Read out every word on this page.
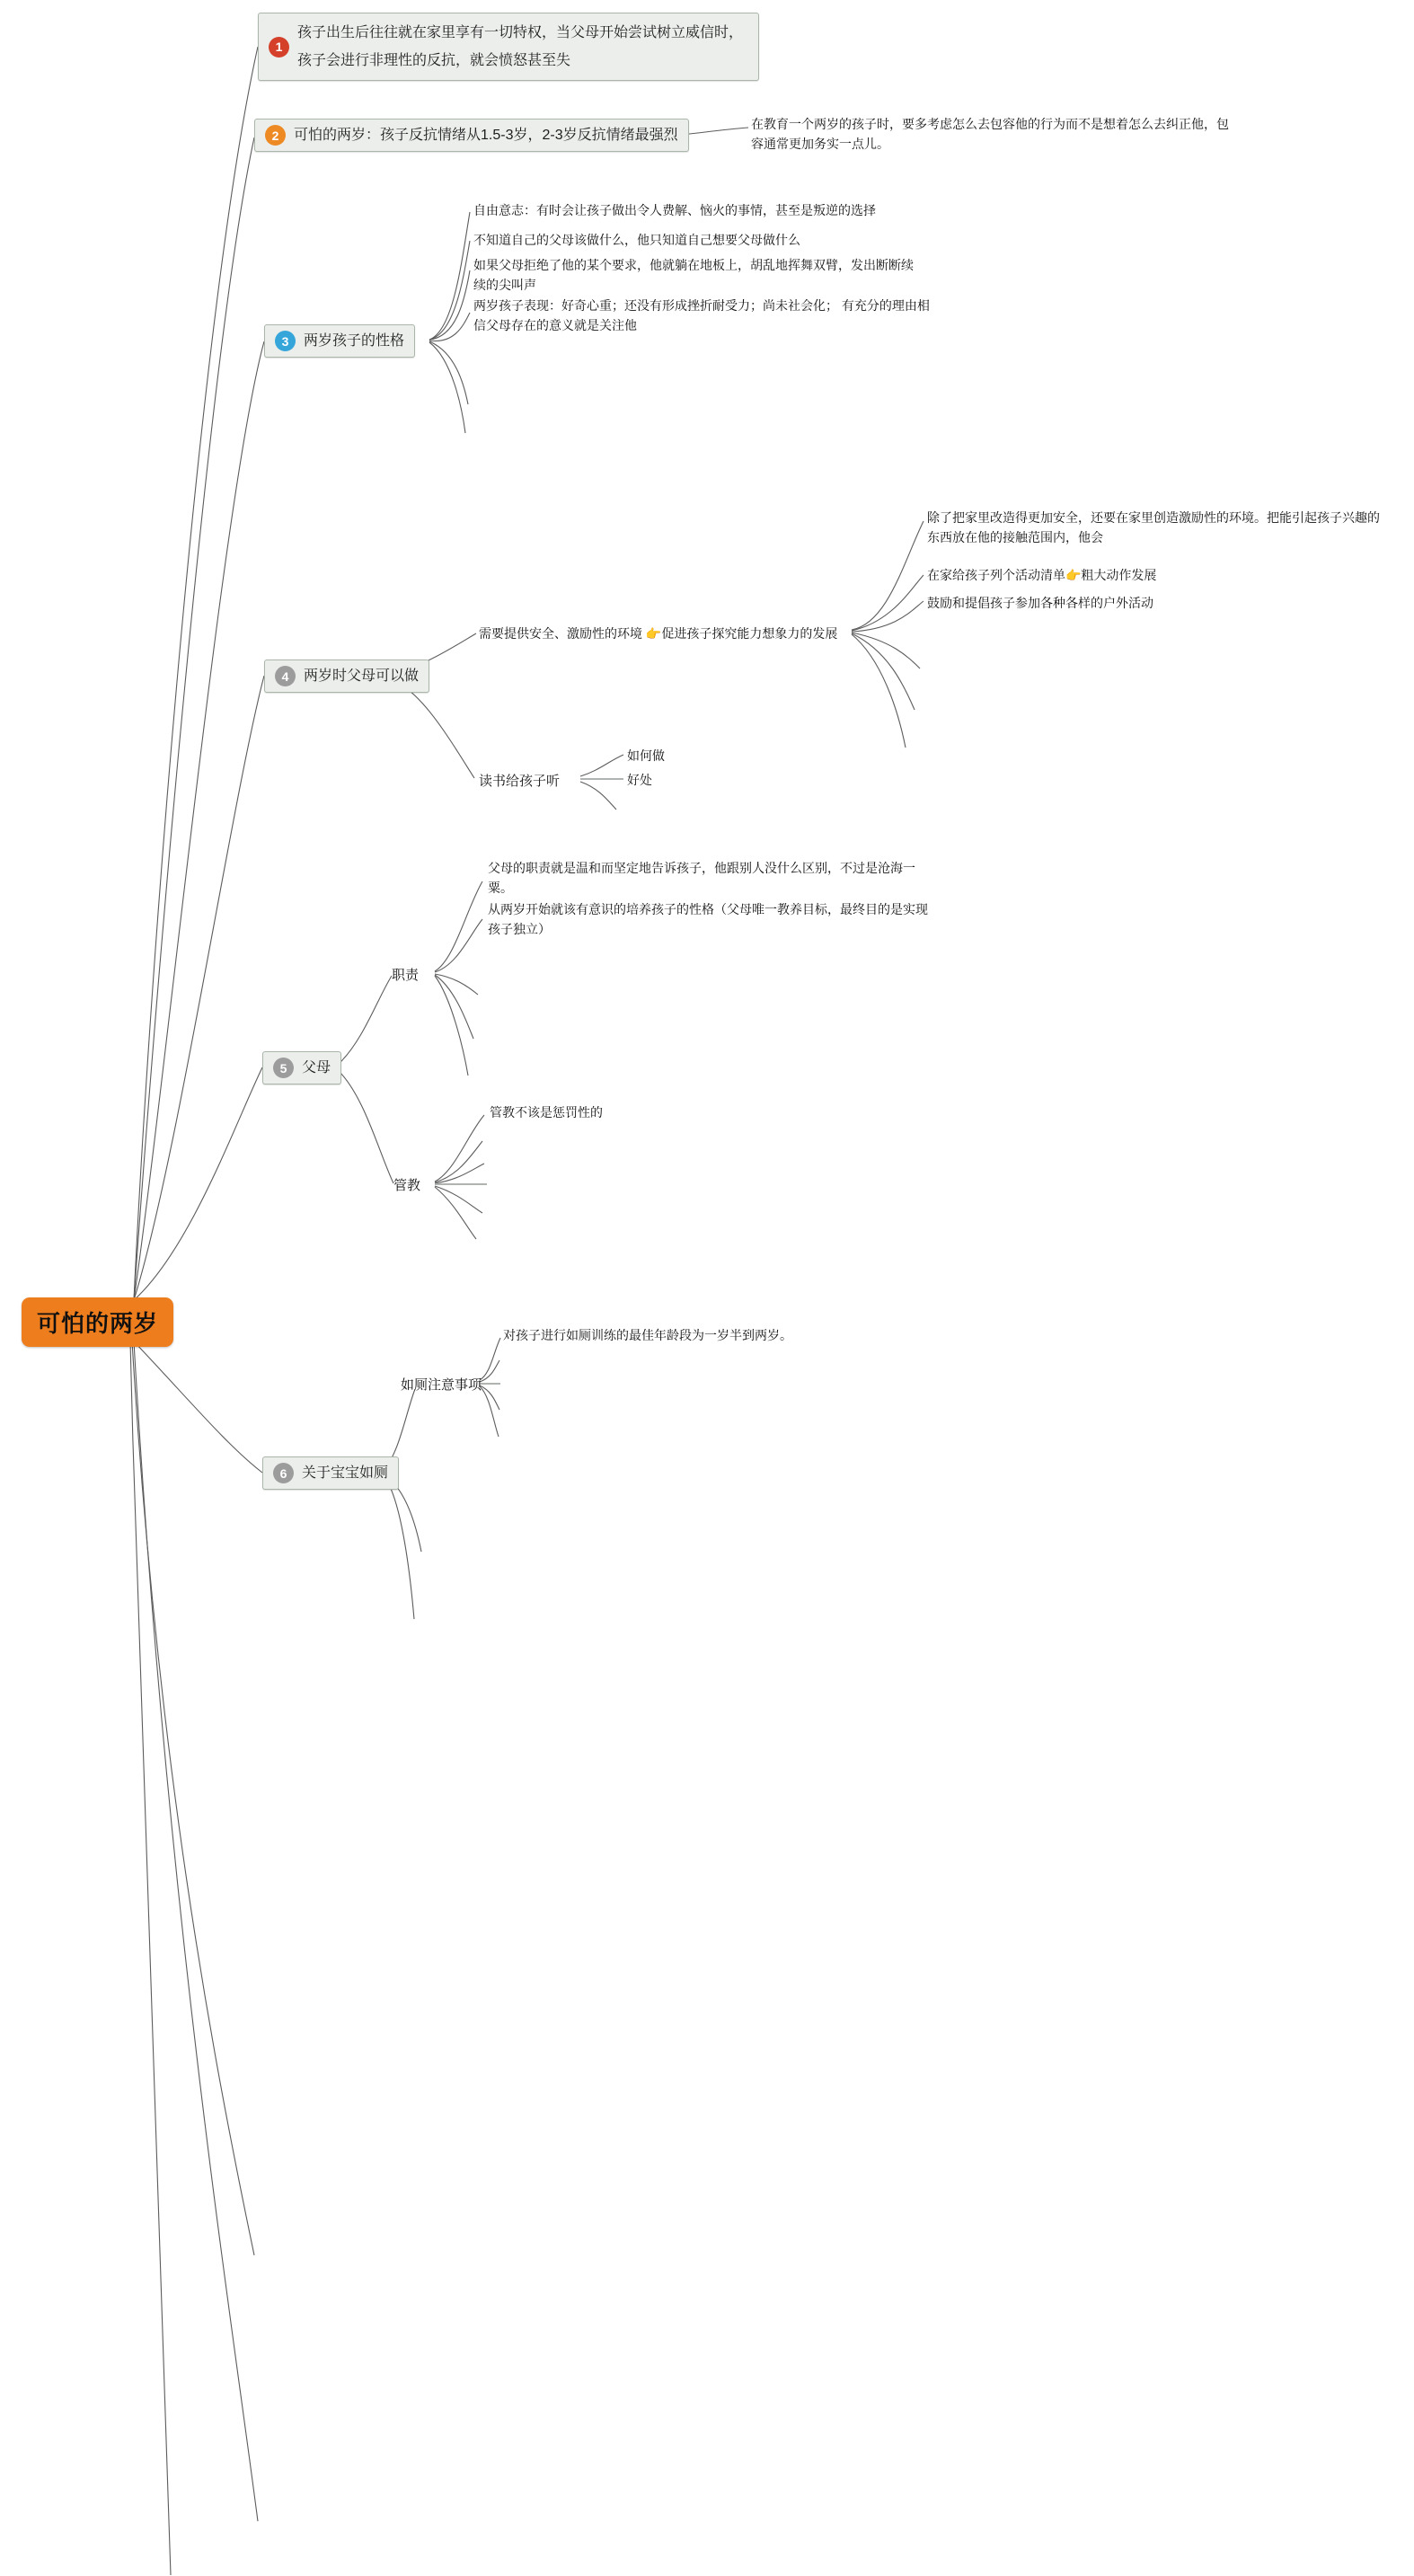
可怕的两岁
1
孩子出生后往往就在家里享有一切特权，当父母开始尝试树立威信时，孩子会进行非理性的反抗，就会愤怒甚至失
2	可怕的两岁：孩子反抗情绪从1.5-3岁，2-3岁反抗情绪最强烈
在教育一个两岁的孩子时，要多考虑怎么去包容他的行为而不是想着怎么去纠正他，包容通常更加务实一点儿。
3	两岁孩子的性格
自由意志：有时会让孩子做出令人费解、恼火的事情，甚至是叛逆的选择
不知道自己的父母该做什么，他只知道自己想要父母做什么
如果父母拒绝了他的某个要求，他就躺在地板上，胡乱地挥舞双臂，发出断断续续的尖叫声
两岁孩子表现：好奇心重；还没有形成挫折耐受力；尚未社会化； 有充分的理由相信父母存在的意义就是关注他
4	两岁时父母可以做
需要提供安全、激励性的环境 👉促进孩子探究能力想象力的发展
除了把家里改造得更加安全，还要在家里创造激励性的环境。把能引起孩子兴趣的东西放在他的接触范围内，他会
在家给孩子列个活动清单👉粗大动作发展
鼓励和提倡孩子参加各种各样的户外活动
读书给孩子听
如何做
好处
5	父母
职责
父母的职责就是温和而坚定地告诉孩子，他跟别人没什么区别，不过是沧海一粟。
从两岁开始就该有意识的培养孩子的性格（父母唯一教养目标，最终目的是实现孩子独立）
管教
管教不该是惩罚性的
6	关于宝宝如厕
如厕注意事项
对孩子进行如厕训练的最佳年龄段为一岁半到两岁。
